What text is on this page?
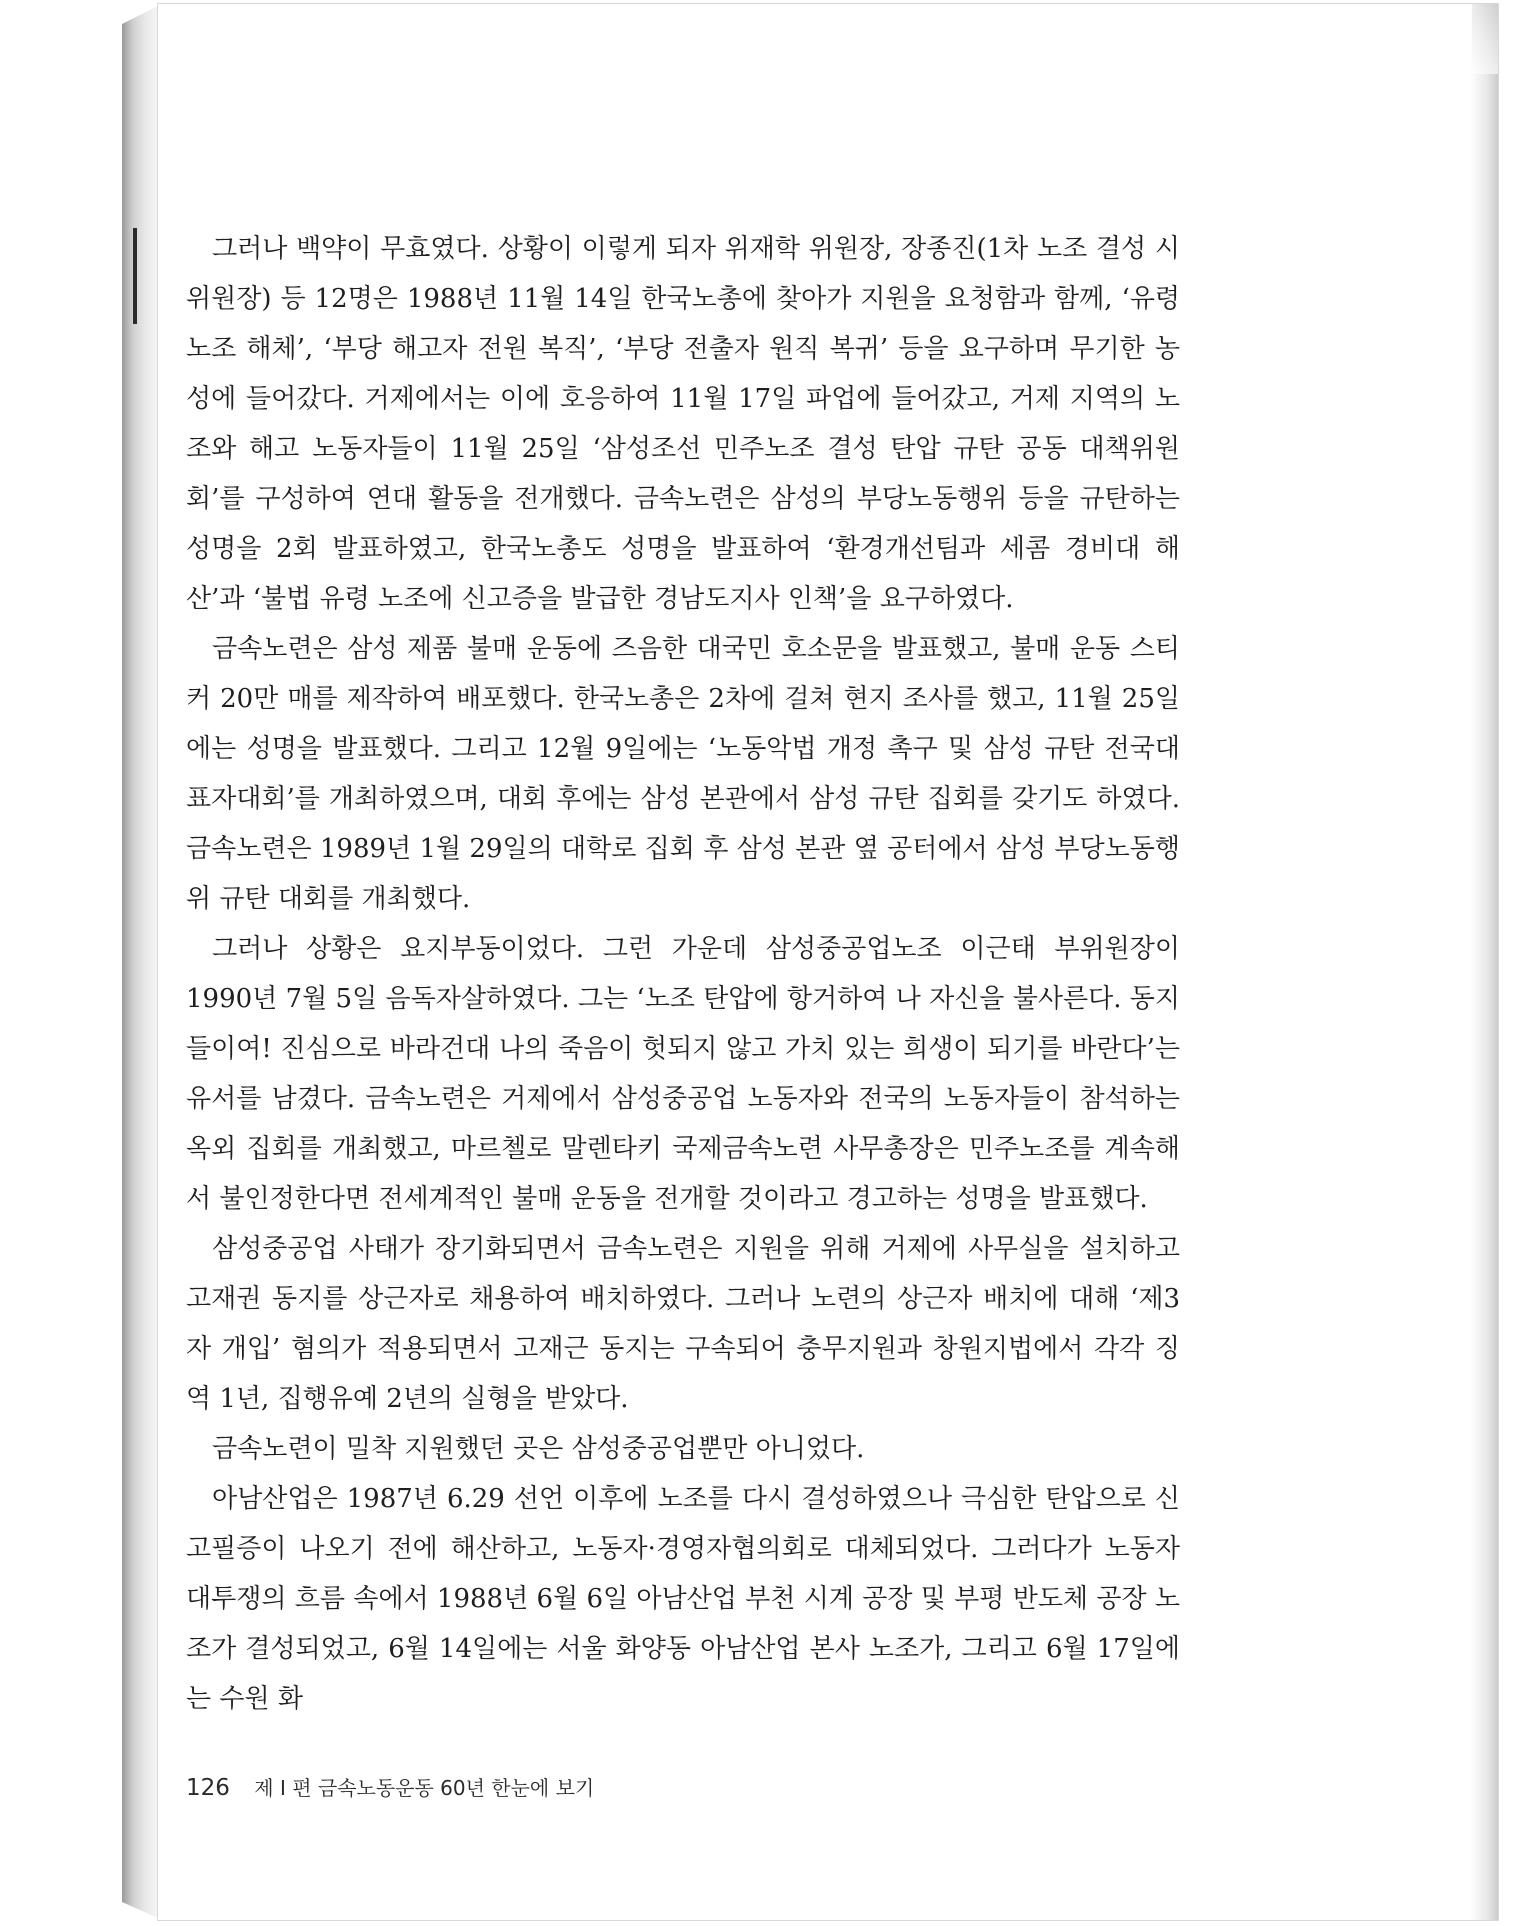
그러나 백약이 무효였다. 상황이 이렇게 되자 위재학 위원장, 장종진(1차 노조 결성 시 위원장) 등 12명은 1988년 11월 14일 한국노총에 찾아가 지원을 요청함과 함께, ‘유령 노조 해체’, ‘부당 해고자 전원 복직’, ‘부당 전출자 원직 복귀’ 등을 요구하며 무기한 농성에 들어갔다. 거제에서는 이에 호응하여 11월 17일 파업에 들어갔고, 거제 지역의 노조와 해고 노동자들이 11월 25일 ‘삼성조선 민주노조 결성 탄압 규탄 공동 대책위원회’를 구성하여 연대 활동을 전개했다. 금속노련은 삼성의 부당노동행위 등을 규탄하는 성명을 2회 발표하였고, 한국노총도 성명을 발표하여 ‘환경개선팀과 세콤 경비대 해산’과 ‘불법 유령 노조에 신고증을 발급한 경남도지사 인책’을 요구하였다.

금속노련은 삼성 제품 불매 운동에 즈음한 대국민 호소문을 발표했고, 불매 운동 스티커 20만 매를 제작하여 배포했다. 한국노총은 2차에 걸쳐 현지 조사를 했고, 11월 25일에는 성명을 발표했다. 그리고 12월 9일에는 ‘노동악법 개정 촉구 및 삼성 규탄 전국대표자대회’를 개최하였으며, 대회 후에는 삼성 본관에서 삼성 규탄 집회를 갖기도 하였다. 금속노련은 1989년 1월 29일의 대학로 집회 후 삼성 본관 옆 공터에서 삼성 부당노동행위 규탄 대회를 개최했다.

그러나 상황은 요지부동이었다. 그런 가운데 삼성중공업노조 이근태 부위원장이 1990년 7월 5일 음독자살하였다. 그는 ‘노조 탄압에 항거하여 나 자신을 불사른다. 동지들이여! 진심으로 바라건대 나의 죽음이 헛되지 않고 가치 있는 희생이 되기를 바란다’는 유서를 남겼다. 금속노련은 거제에서 삼성중공업 노동자와 전국의 노동자들이 참석하는 옥외 집회를 개최했고, 마르첼로 말렌타키 국제금속노련 사무총장은 민주노조를 계속해서 불인정한다면 전세계적인 불매 운동을 전개할 것이라고 경고하는 성명을 발표했다.

삼성중공업 사태가 장기화되면서 금속노련은 지원을 위해 거제에 사무실을 설치하고 고재권 동지를 상근자로 채용하여 배치하였다. 그러나 노련의 상근자 배치에 대해 ‘제3자 개입’ 혐의가 적용되면서 고재근 동지는 구속되어 충무지원과 창원지법에서 각각 징역 1년, 집행유예 2년의 실형을 받았다.

금속노련이 밀착 지원했던 곳은 삼성중공업뿐만 아니었다.

아남산업은 1987년 6.29 선언 이후에 노조를 다시 결성하였으나 극심한 탄압으로 신고필증이 나오기 전에 해산하고, 노동자·경영자협의회로 대체되었다. 그러다가 노동자 대투쟁의 흐름 속에서 1988년 6월 6일 아남산업 부천 시계 공장 및 부평 반도체 공장 노조가 결성되었고, 6월 14일에는 서울 화양동 아남산업 본사 노조가, 그리고 6월 17일에는 수원 화

126 제 I 편 금속노동운동 60년 한눈에 보기
